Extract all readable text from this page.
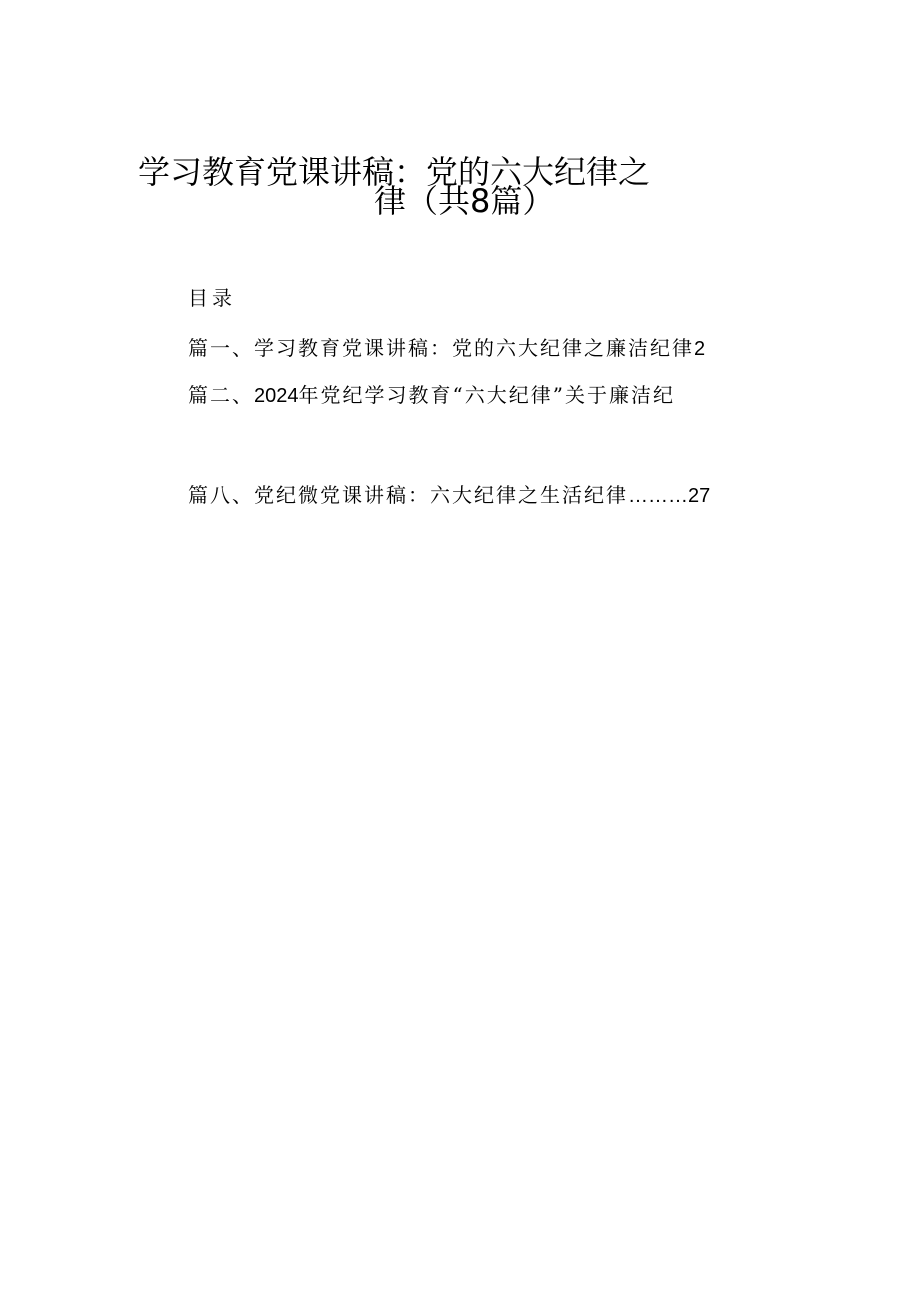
学习教育党课讲稿：党的六大纪律之
律（共8篇）
目录
篇一、学习教育党课讲稿：党的六大纪律之廉洁纪律2
篇二、2024年党纪学习教育“六大纪律”关于廉洁纪
篇八、党纪微党课讲稿：六大纪律之生活纪律………27
